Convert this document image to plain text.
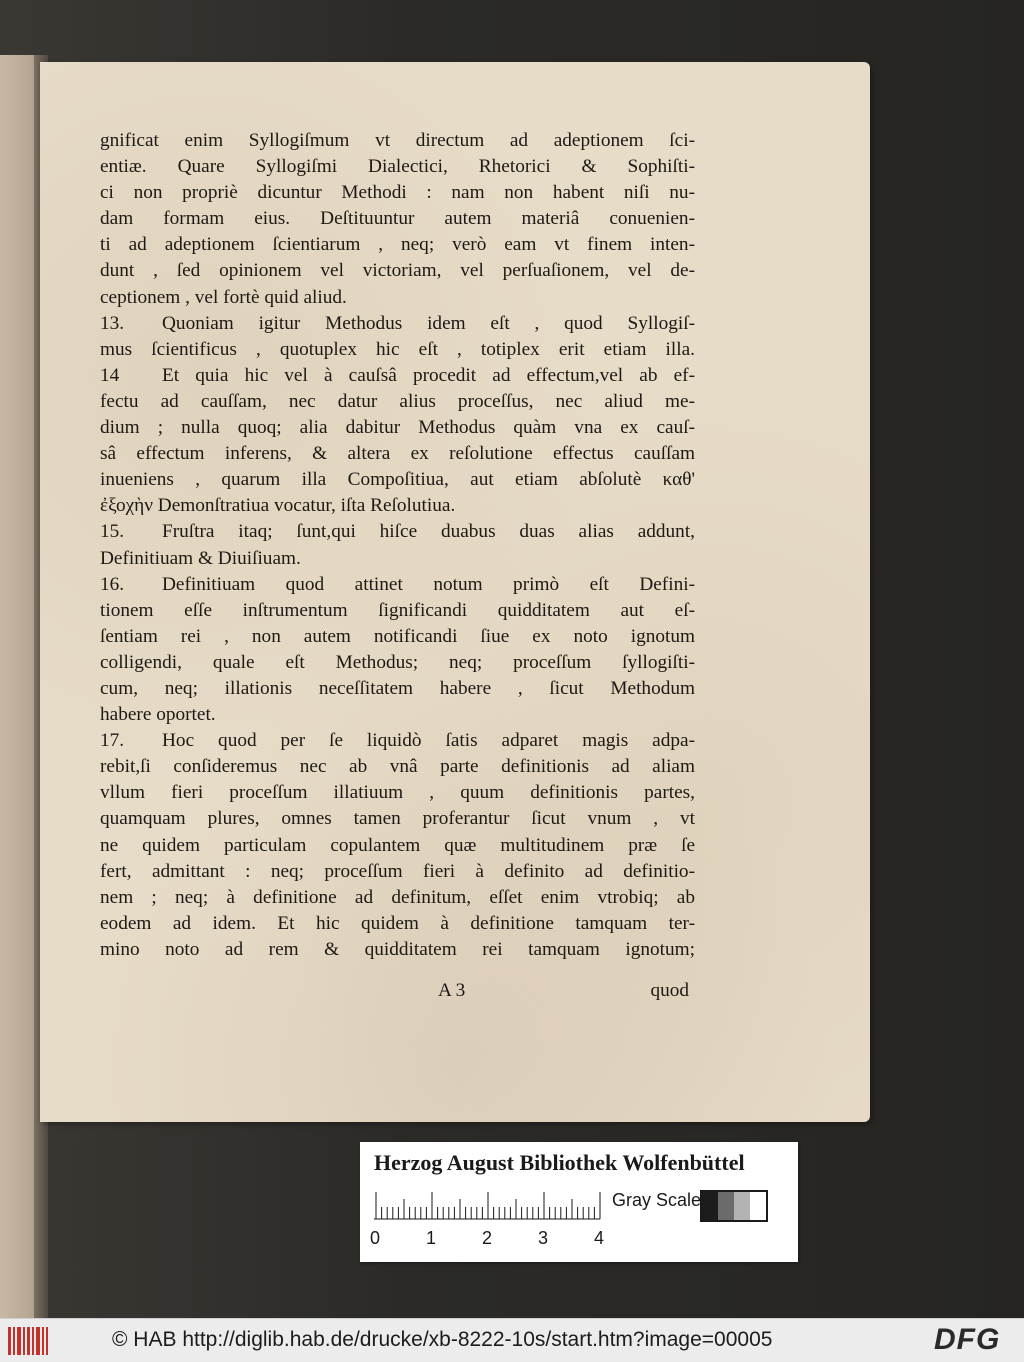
gnificat enim Syllogiſmum vt directum ad adeptionem ſci-
entiæ. Quare Syllogiſmi Dialectici, Rhetorici & Sophiſti-
ci non propriè dicuntur Methodi : nam non habent niſi nu-
dam formam eius. Deſtituuntur autem materiâ conuenien-
ti ad adeptionem ſcientiarum , neq; verò eam vt finem inten-
dunt , ſed opinionem vel victoriam, vel perſuaſionem, vel de-
ceptionem , vel fortè quid aliud.
13.	Quoniam igitur Methodus idem eſt , quod Syllogiſ-
mus ſcientificus , quotuplex hic eſt , totiplex erit etiam illa.
14	Et quia hic vel à cauſsâ procedit ad effectum,vel ab ef-
fectu ad cauſſam, nec datur alius proceſſus, nec aliud me-
dium ; nulla quoq; alia dabitur Methodus quàm vna ex cauſ-
sâ effectum inferens, & altera ex reſolutione effectus cauſſam
inueniens , quarum illa Compoſitiua, aut etiam abſolutè καθ'
ἐξοχὴν Demonſtratiua vocatur, iſta Reſolutiua.
15.	Fruſtra itaq; ſunt,qui hiſce duabus duas alias addunt,
Definitiuam & Diuiſiuam.
16.	Definitiuam quod attinet notum primò eſt Defini-
tionem eſſe inſtrumentum ſignificandi quidditatem aut eſ-
ſentiam rei , non autem notificandi ſiue ex noto ignotum
colligendi, quale eſt Methodus; neq; proceſſum ſyllogiſti-
cum, neq; illationis neceſſitatem habere , ſicut Methodum
habere oportet.
17.	Hoc quod per ſe liquidò ſatis adparet magis adpa-
rebit,ſi conſideremus nec ab vnâ parte definitionis ad aliam
vllum fieri proceſſum illatiuum , quum definitionis partes,
quamquam plures, omnes tamen proferantur ſicut vnum , vt
ne quidem particulam copulantem quæ multitudinem præ ſe
fert, admittant : neq; proceſſum fieri à definito ad definitio-
nem ; neq; à definitione ad definitum, eſſet enim vtrobiq; ab
eodem ad idem. Et hic quidem à definitione tamquam ter-
mino noto ad rem & quidditatem rei tamquam ignotum;
A 3	quod
Herzog August Bibliothek Wolfenbüttel
0	1	2	3	4
Gray Scale
© HAB http://diglib.hab.de/drucke/xb-8222-10s/start.htm?image=00005	DFG
